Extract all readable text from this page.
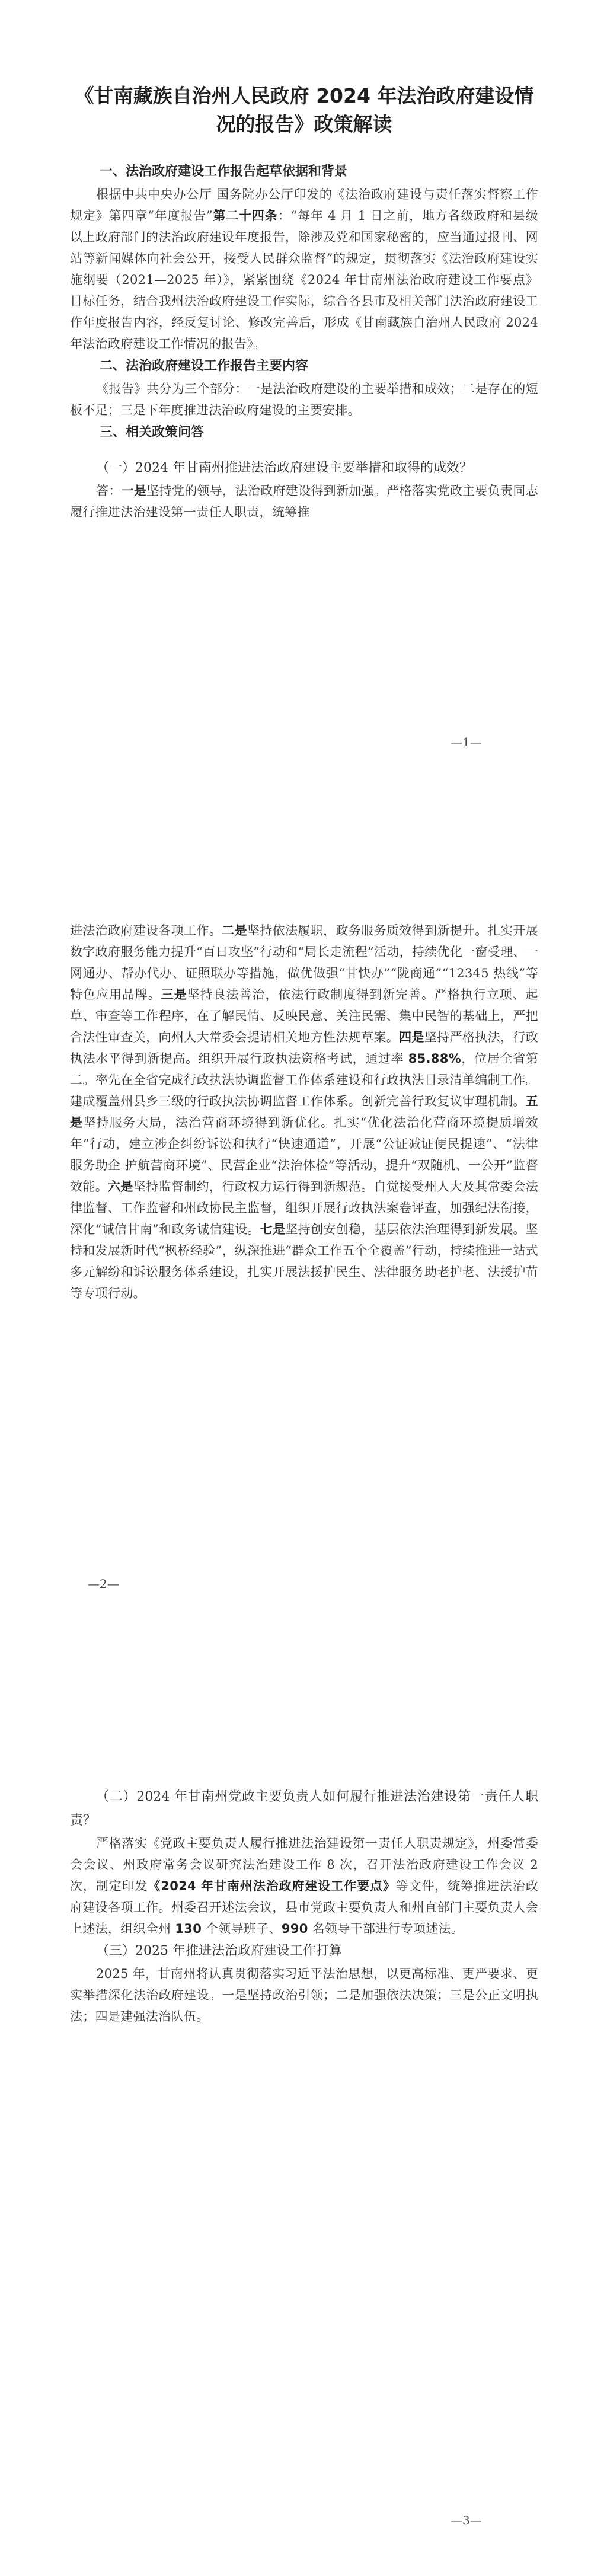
《甘南藏族自治州人民政府 2024 年法治政府建设情况的报告》政策解读
一、法治政府建设工作报告起草依据和背景

根据中共中央办公厅 国务院办公厅印发的《法治政府建设与责任落实督察工作规定》第四章“年度报告”第二十四条：“每年 4 月 1 日之前，地方各级政府和县级以上政府部门的法治政府建设年度报告，除涉及党和国家秘密的，应当通过报刊、网站等新闻媒体向社会公开，接受人民群众监督”的规定，贯彻落实《法治政府建设实施纲要（2021—2025 年）》，紧紧围绕《2024 年甘南州法治政府建设工作要点》目标任务，结合我州法治政府建设工作实际，综合各县市及相关部门法治政府建设工作年度报告内容，经反复讨论、修改完善后，形成《甘南藏族自治州人民政府 2024 年法治政府建设工作情况的报告》。

二、法治政府建设工作报告主要内容

《报告》共分为三个部分：一是法治政府建设的主要举措和成效；二是存在的短板不足；三是下年度推进法治政府建设的主要安排。

三、相关政策问答

（一）2024 年甘南州推进法治政府建设主要举措和取得的成效？

答：一是坚持党的领导，法治政府建设得到新加强。严格落实党政主要负责同志履行推进法治建设第一责任人职责，统筹推

—1—

进法治政府建设各项工作。二是坚持依法履职，政务服务质效得到新提升。扎实开展数字政府服务能力提升“百日攻坚”行动和“局长走流程”活动，持续优化一窗受理、一网通办、帮办代办、证照联办等措施，做优做强“甘快办”“陇商通”“12345 热线”等特色应用品牌。三是坚持良法善治，依法行政制度得到新完善。严格执行立项、起草、审查等工作程序，在了解民情、反映民意、关注民需、集中民智的基础上，严把合法性审查关，向州人大常委会提请相关地方性法规草案。四是坚持严格执法，行政执法水平得到新提高。组织开展行政执法资格考试，通过率 85.88%，位居全省第二。率先在全省完成行政执法协调监督工作体系建设和行政执法目录清单编制工作。建成覆盖州县乡三级的行政执法协调监督工作体系。创新完善行政复议审理机制。五是坚持服务大局，法治营商环境得到新优化。扎实“优化法治化营商环境提质增效年”行动，建立涉企纠纷诉讼和执行“快速通道”，开展“公证减证便民提速”、“法律服务助企 护航营商环境”、民营企业“法治体检”等活动，提升“双随机、一公开”监督效能。六是坚持监督制约，行政权力运行得到新规范。自觉接受州人大及其常委会法律监督、工作监督和州政协民主监督，组织开展行政执法案卷评查，加强纪法衔接，深化“诚信甘南”和政务诚信建设。七是坚持创安创稳，基层依法治理得到新发展。坚持和发展新时代“枫桥经验”，纵深推进“群众工作五个全覆盖”行动，持续推进一站式多元解纷和诉讼服务体系建设，扎实开展法援护民生、法律服务助老护老、法援护苗等专项行动。

—2—

（二）2024 年甘南州党政主要负责人如何履行推进法治建设第一责任人职责？

严格落实《党政主要负责人履行推进法治建设第一责任人职责规定》，州委常委会会议、州政府常务会议研究法治建设工作 8 次，召开法治政府建设工作会议 2 次，制定印发《2024 年甘南州法治政府建设工作要点》等文件，统筹推进法治政府建设各项工作。州委召开述法会议，县市党政主要负责人和州直部门主要负责人会上述法，组织全州 130 个领导班子、990 名领导干部进行专项述法。

（三）2025 年推进法治政府建设工作打算

2025 年，甘南州将认真贯彻落实习近平法治思想，以更高标准、更严要求、更实举措深化法治政府建设。一是坚持政治引领；二是加强依法决策；三是公正文明执法；四是建强法治队伍。

—3—
